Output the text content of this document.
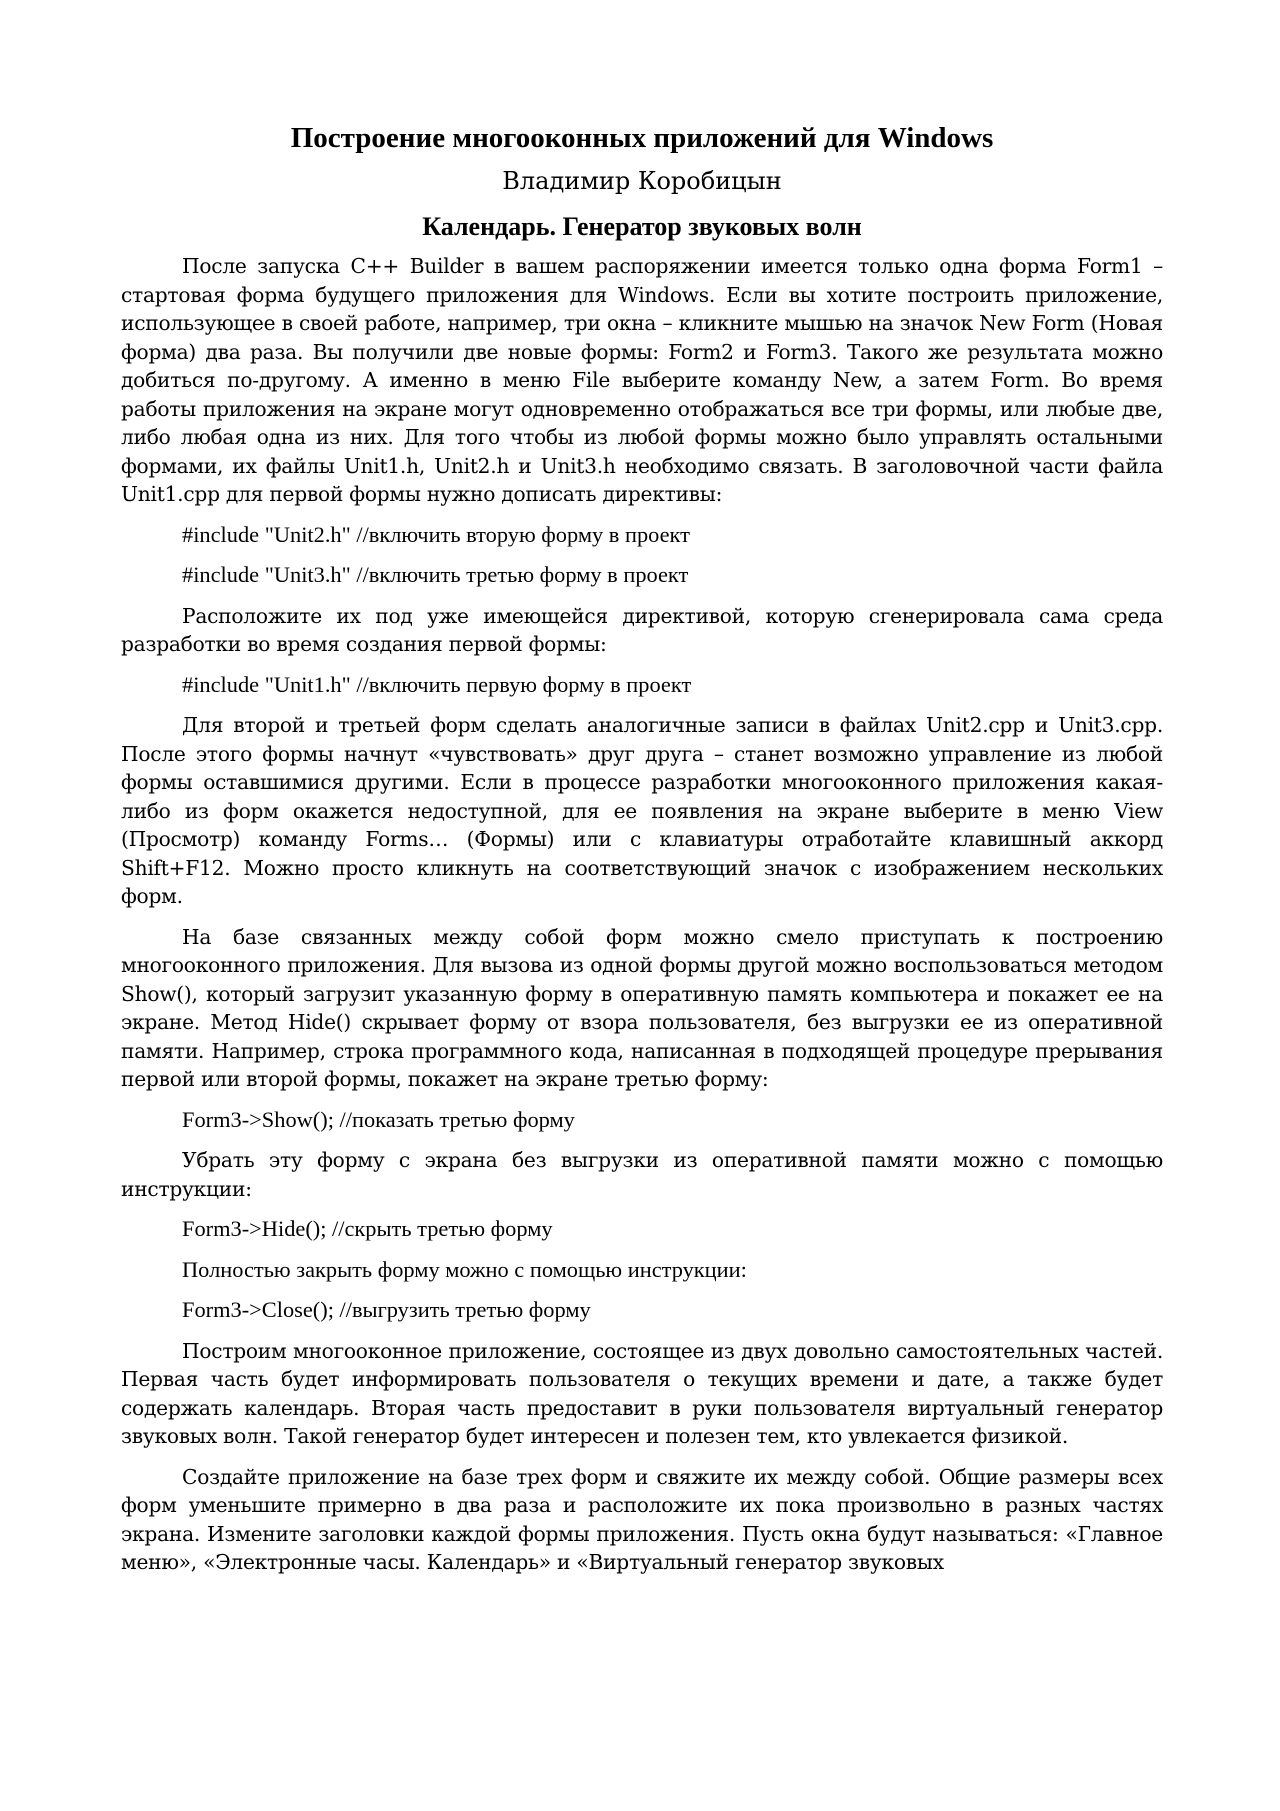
Построение многооконных приложений для Windows
Владимир Коробицын
Календарь. Генератор звуковых волн

После запуска C++ Builder в вашем распоряжении имеется только одна форма Form1 – стартовая форма будущего приложения для Windows. Если вы хотите построить приложение, использующее в своей работе, например, три окна – кликните мышью на значок New Form (Новая форма) два раза. Вы получили две новые формы: Form2 и Form3. Такого же результата можно добиться по-другому. А именно в меню File выберите команду New, а затем Form. Во время работы приложения на экране могут одновременно отображаться все три формы, или любые две, либо любая одна из них. Для того чтобы из любой формы можно было управлять остальными формами, их файлы Unit1.h, Unit2.h и Unit3.h необходимо связать. В заголовочной части файла Unit1.cpp для первой формы нужно дописать директивы:

#include "Unit2.h" //включить вторую форму в проект

#include "Unit3.h" //включить третью форму в проект

Расположите их под уже имеющейся директивой, которую сгенерировала сама среда разработки во время создания первой формы:

#include "Unit1.h" //включить первую форму в проект

Для второй и третьей форм сделать аналогичные записи в файлах Unit2.cpp и Unit3.cpp. После этого формы начнут «чувствовать» друг друга – станет возможно управление из любой формы оставшимися другими. Если в процессе разработки многооконного приложения какая-либо из форм окажется недоступной, для ее появления на экране выберите в меню View (Просмотр) команду Forms… (Формы) или с клавиатуры отработайте клавишный аккорд Shift+F12. Можно просто кликнуть на соответствующий значок с изображением нескольких форм.

На базе связанных между собой форм можно смело приступать к построению многооконного приложения. Для вызова из одной формы другой можно воспользоваться методом Show(), который загрузит указанную форму в оперативную память компьютера и покажет ее на экране. Метод Hide() скрывает форму от взора пользователя, без выгрузки ее из оперативной памяти. Например, строка программного кода, написанная в подходящей процедуре прерывания первой или второй формы, покажет на экране третью форму:

Form3->Show(); //показать третью форму

Убрать эту форму с экрана без выгрузки из оперативной памяти можно с помощью инструкции:

Form3->Hide(); //скрыть третью форму

Полностью закрыть форму можно с помощью инструкции:

Form3->Close(); //выгрузить третью форму

Построим многооконное приложение, состоящее из двух довольно самостоятельных частей. Первая часть будет информировать пользователя о текущих времени и дате, а также будет содержать календарь. Вторая часть предоставит в руки пользователя виртуальный генератор звуковых волн. Такой генератор будет интересен и полезен тем, кто увлекается физикой.

Создайте приложение на базе трех форм и свяжите их между собой. Общие размеры всех форм уменьшите примерно в два раза и расположите их пока произвольно в разных частях экрана. Измените заголовки каждой формы приложения. Пусть окна будут называться: «Главное меню», «Электронные часы. Календарь» и «Виртуальный генератор звуковых
